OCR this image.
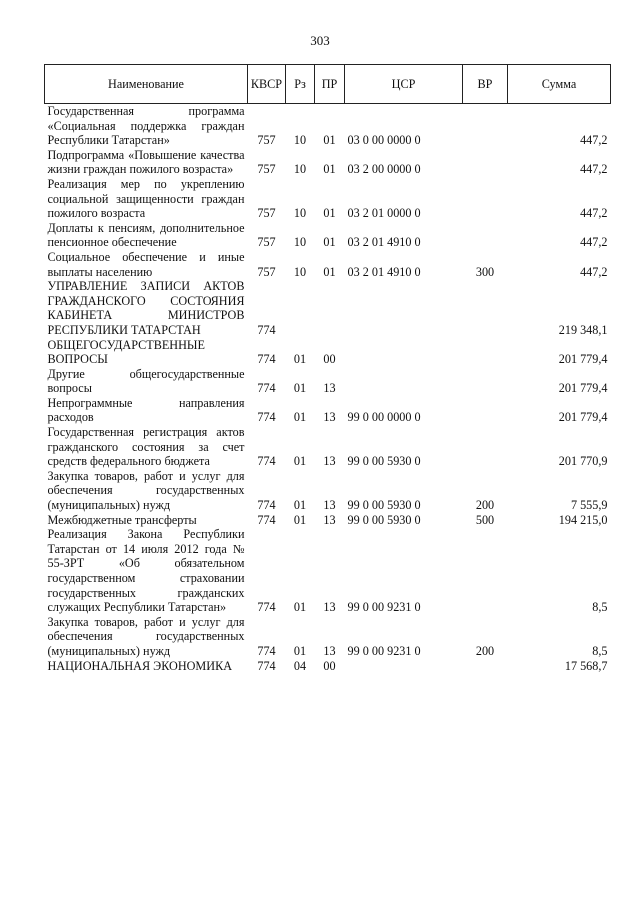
303
Наименование	КВСР	Рз	ПР	ЦСР	ВР	Сумма
Государственная программа «Социальная поддержка граждан Республики Татарстан»	757	10	01	03 0 00 0000 0		447,2
Подпрограмма «Повышение качества жизни граждан пожилого возраста»	757	10	01	03 2 00 0000 0		447,2
Реализация мер по укреплению социальной защищенности граждан пожилого возраста	757	10	01	03 2 01 0000 0		447,2
Доплаты к пенсиям, дополнительное пенсионное обеспечение	757	10	01	03 2 01 4910 0		447,2
Социальное обеспечение и иные выплаты населению	757	10	01	03 2 01 4910 0	300	447,2
УПРАВЛЕНИЕ ЗАПИСИ АКТОВ ГРАЖДАНСКОГО СОСТОЯНИЯ КАБИНЕТА МИНИСТРОВ РЕСПУБЛИКИ ТАТАРСТАН	774					219 348,1
ОБЩЕГОСУДАРСТВЕННЫЕ ВОПРОСЫ	774	01	00			201 779,4
Другие общегосударственные вопросы	774	01	13			201 779,4
Непрограммные направления расходов	774	01	13	99 0 00 0000 0		201 779,4
Государственная регистрация актов гражданского состояния за счет средств федерального бюджета	774	01	13	99 0 00 5930 0		201 770,9
Закупка товаров, работ и услуг для обеспечения государственных (муниципальных) нужд	774	01	13	99 0 00 5930 0	200	7 555,9
Межбюджетные трансферты	774	01	13	99 0 00 5930 0	500	194 215,0
Реализация Закона Республики Татарстан от 14 июля 2012 года № 55-ЗРТ «Об обязательном государственном страховании государственных гражданских служащих Республики Татарстан»	774	01	13	99 0 00 9231 0		8,5
Закупка товаров, работ и услуг для обеспечения государственных (муниципальных) нужд	774	01	13	99 0 00 9231 0	200	8,5
НАЦИОНАЛЬНАЯ ЭКОНОМИКА	774	04	00			17 568,7
